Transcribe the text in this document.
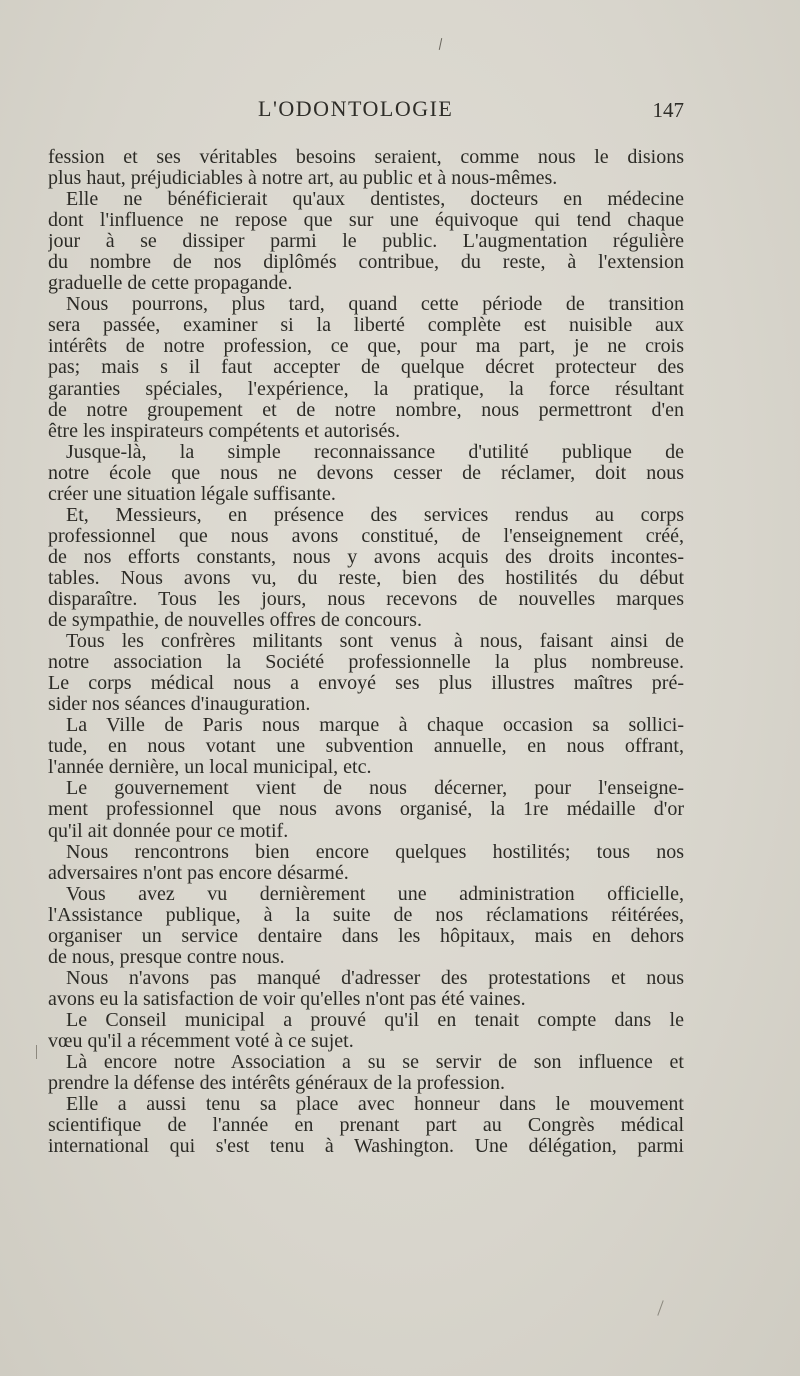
L'ODONTOLOGIE	147
fession et ses véritables besoins seraient, comme nous le disions
plus haut, préjudiciables à notre art, au public et à nous-mêmes.
Elle ne bénéficierait qu'aux dentistes, docteurs en médecine
dont l'influence ne repose que sur une équivoque qui tend chaque
jour à se dissiper parmi le public. L'augmentation régulière
du nombre de nos diplômés contribue, du reste, à l'extension
graduelle de cette propagande.
Nous pourrons, plus tard, quand cette période de transition
sera passée, examiner si la liberté complète est nuisible aux
intérêts de notre profession, ce que, pour ma part, je ne crois
pas; mais s il faut accepter de quelque décret protecteur des
garanties spéciales, l'expérience, la pratique, la force résultant
de notre groupement et de notre nombre, nous permettront d'en
être les inspirateurs compétents et autorisés.
Jusque-là, la simple reconnaissance d'utilité publique de
notre école que nous ne devons cesser de réclamer, doit nous
créer une situation légale suffisante.
Et, Messieurs, en présence des services rendus au corps
professionnel que nous avons constitué, de l'enseignement créé,
de nos efforts constants, nous y avons acquis des droits incontes-
tables. Nous avons vu, du reste, bien des hostilités du début
disparaître. Tous les jours, nous recevons de nouvelles marques
de sympathie, de nouvelles offres de concours.
Tous les confrères militants sont venus à nous, faisant ainsi de
notre association la Société professionnelle la plus nombreuse.
Le corps médical nous a envoyé ses plus illustres maîtres pré-
sider nos séances d'inauguration.
La Ville de Paris nous marque à chaque occasion sa sollici-
tude, en nous votant une subvention annuelle, en nous offrant,
l'année dernière, un local municipal, etc.
Le gouvernement vient de nous décerner, pour l'enseigne-
ment professionnel que nous avons organisé, la 1re médaille d'or
qu'il ait donnée pour ce motif.
Nous rencontrons bien encore quelques hostilités; tous nos
adversaires n'ont pas encore désarmé.
Vous avez vu dernièrement une administration officielle,
l'Assistance publique, à la suite de nos réclamations réitérées,
organiser un service dentaire dans les hôpitaux, mais en dehors
de nous, presque contre nous.
Nous n'avons pas manqué d'adresser des protestations et nous
avons eu la satisfaction de voir qu'elles n'ont pas été vaines.
Le Conseil municipal a prouvé qu'il en tenait compte dans le
vœu qu'il a récemment voté à ce sujet.
Là encore notre Association a su se servir de son influence et
prendre la défense des intérêts généraux de la profession.
Elle a aussi tenu sa place avec honneur dans le mouvement
scientifique de l'année en prenant part au Congrès médical
international qui s'est tenu à Washington. Une délégation, parmi
